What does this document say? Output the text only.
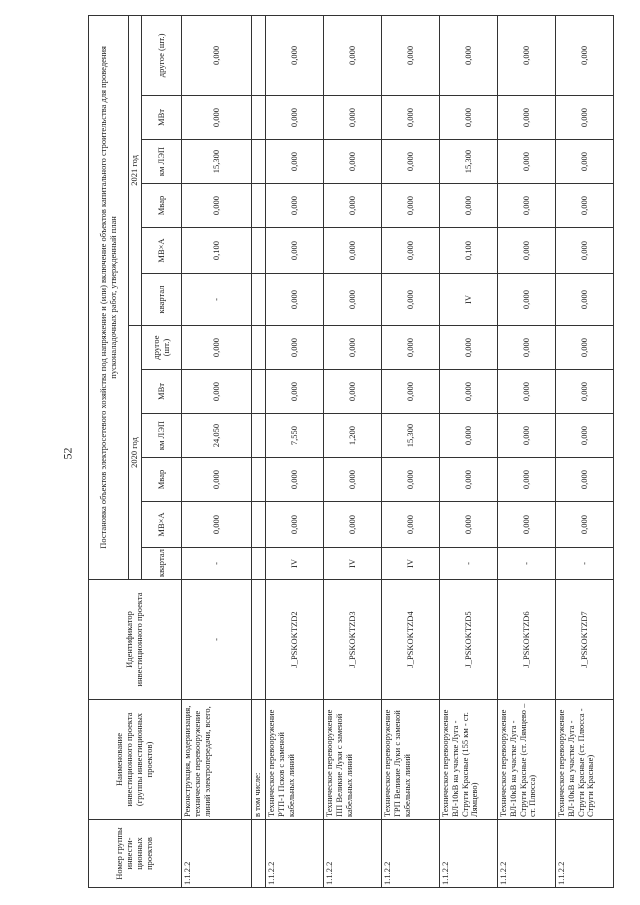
52
Номер группы инвести-ционных проектов	Наименование инвестиционного проекта (группы инвестиционных проектов)	Идентификатор инвестиционного проекта	Постановка объектов электросетевого хозяйства под напряжение и (или) включение объектов капитального строительства для проведения пусконаладочных работ, утвержденный план											
			2020 год						2021 год					
			квартал	МВ×А	Мвар	км ЛЭП	МВт	другое (шт.)	квартал	МВ×А	Мвар	км ЛЭП	МВт	другое (шт.)
1.1.2.2	Реконструкция, модернизация, техническое перевооружение линий электропередачи, всего,	-	-	0,000	0,000	24,050	0,000	0,000	-	0,100	0,000	15,300	0,000	0,000
	в том числе:													
1.1.2.2	Техническое перевооружение РТП-1 Псков с заменой кабельных линий	J_PSKOKTZD2	IV	0,000	0,000	7,550	0,000	0,000	0,000	0,000	0,000	0,000	0,000	0,000
1.1.2.2	Техническое перевооружение ПП Великие Луки с заменой кабельных линий	J_PSKOKTZD3	IV	0,000	0,000	1,200	0,000	0,000	0,000	0,000	0,000	0,000	0,000	0,000
1.1.2.2	Техническое перевооружение ГРП Великие Луки с заменой кабельных линий	J_PSKOKTZD4	IV	0,000	0,000	15,300	0,000	0,000	0,000	0,000	0,000	0,000	0,000	0,000
1.1.2.2	Техническое перевооружение ВЛ-10кВ на участке Луга - Струги Красные (155 км - ст. Лямцево)	J_PSKOKTZD5	-	0,000	0,000	0,000	0,000	0,000	IV	0,100	0,000	15,300	0,000	0,000
1.1.2.2	Техническое перевооружение ВЛ-10кВ на участке Луга - Струги Красные (ст. Лямцево – ст. Плюсса)	J_PSKOKTZD6	-	0,000	0,000	0,000	0,000	0,000	0,000	0,000	0,000	0,000	0,000	0,000
1.1.2.2	Техническое перевооружение ВЛ-10кВ на участке Луга - Струги Красные (ст. Плюсса - Струги Красные)	J_PSKOKTZD7	-	0,000	0,000	0,000	0,000	0,000	0,000	0,000	0,000	0,000	0,000	0,000
